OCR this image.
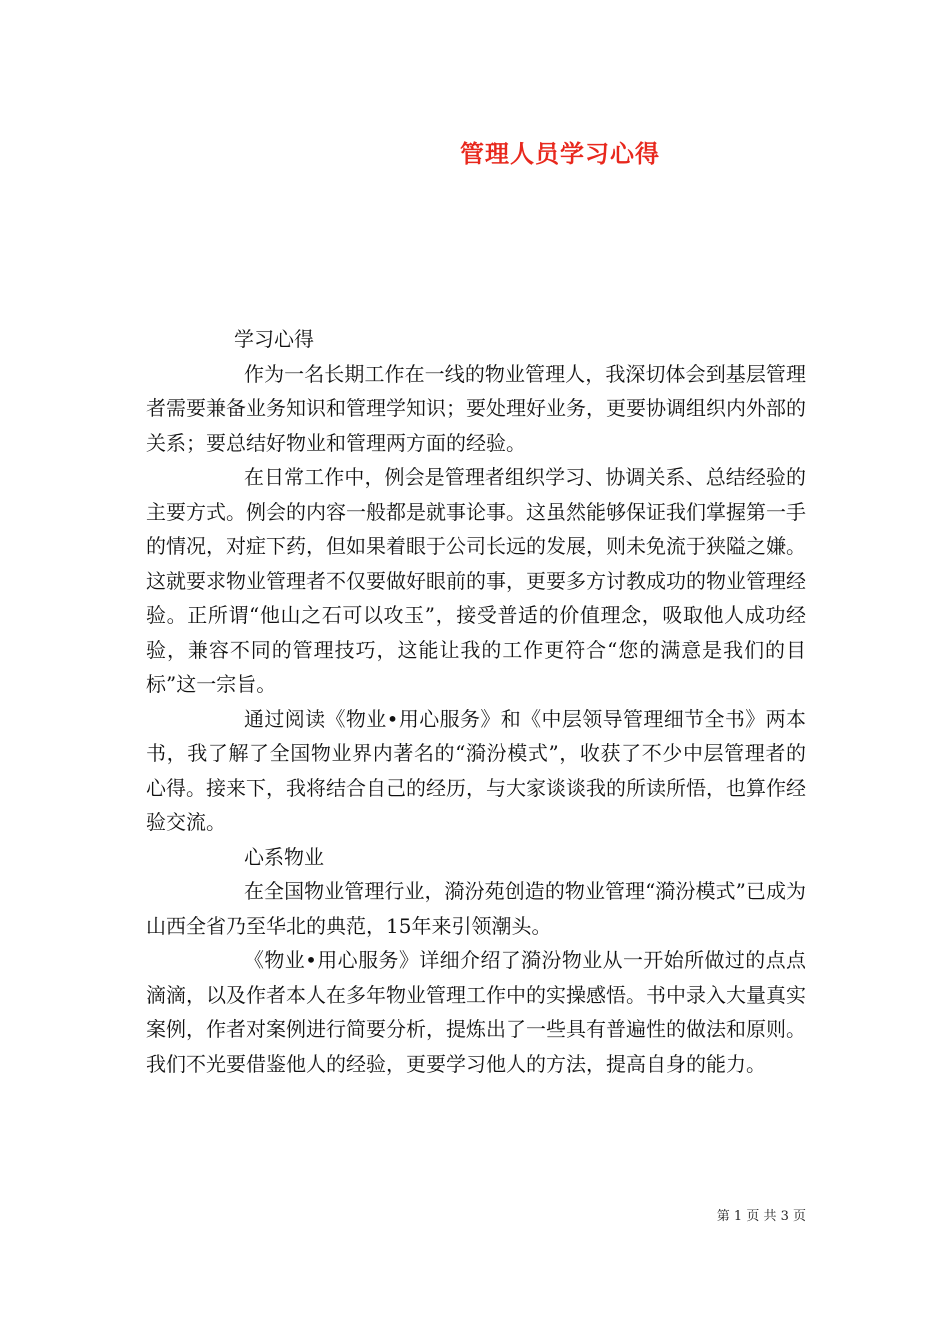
管理人员学习心得

学习心得

作为一名长期工作在一线的物业管理人，我深切体会到基层管理者需要兼备业务知识和管理学知识；要处理好业务，更要协调组织内外部的关系；要总结好物业和管理两方面的经验。

在日常工作中，例会是管理者组织学习、协调关系、总结经验的主要方式。例会的内容一般都是就事论事。这虽然能够保证我们掌握第一手的情况，对症下药，但如果着眼于公司长远的发展，则未免流于狭隘之嫌。这就要求物业管理者不仅要做好眼前的事，更要多方讨教成功的物业管理经验。正所谓“他山之石可以攻玉”，接受普适的价值理念，吸取他人成功经验，兼容不同的管理技巧，这能让我的工作更符合“您的满意是我们的目标”这一宗旨。

通过阅读《物业•用心服务》和《中层领导管理细节全书》两本书，我了解了全国物业界内著名的“漪汾模式”，收获了不少中层管理者的心得。接来下，我将结合自己的经历，与大家谈谈我的所读所悟，也算作经验交流。

心系物业

在全国物业管理行业，漪汾苑创造的物业管理“漪汾模式”已成为山西全省乃至华北的典范，15年来引领潮头。

《物业•用心服务》详细介绍了漪汾物业从一开始所做过的点点滴滴，以及作者本人在多年物业管理工作中的实操感悟。书中录入大量真实案例，作者对案例进行简要分析，提炼出了一些具有普遍性的做法和原则。我们不光要借鉴他人的经验，更要学习他人的方法，提高自身的能力。

第 1 页 共 3 页
